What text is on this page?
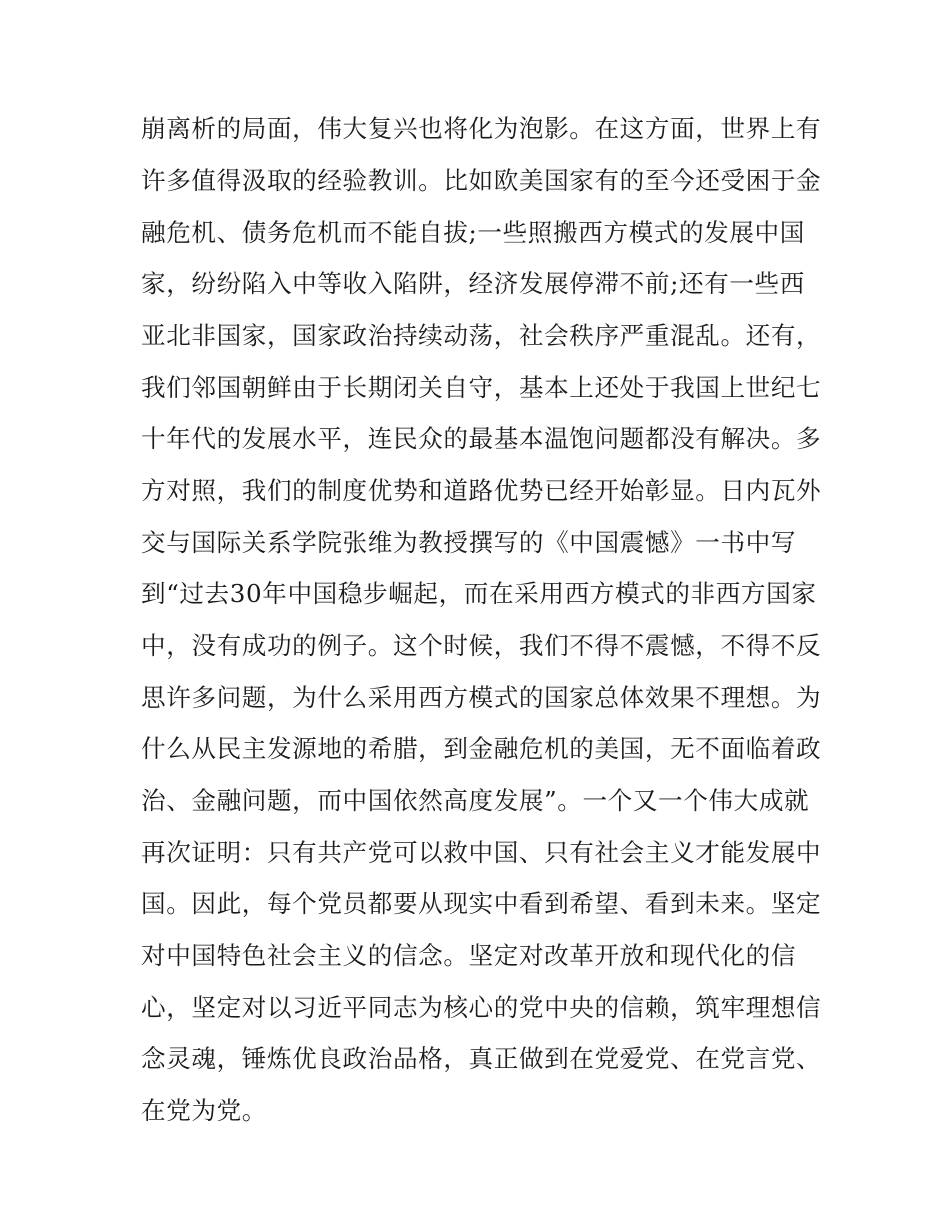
崩离析的局面，伟大复兴也将化为泡影。在这方面，世界上有
许多值得汲取的经验教训。比如欧美国家有的至今还受困于金
融危机、债务危机而不能自拔;一些照搬西方模式的发展中国
家，纷纷陷入中等收入陷阱，经济发展停滞不前;还有一些西
亚北非国家，国家政治持续动荡，社会秩序严重混乱。还有，
我们邻国朝鲜由于长期闭关自守，基本上还处于我国上世纪七
十年代的发展水平，连民众的最基本温饱问题都没有解决。多
方对照，我们的制度优势和道路优势已经开始彰显。日内瓦外
交与国际关系学院张维为教授撰写的《中国震憾》一书中写
到“过去30年中国稳步崛起，而在采用西方模式的非西方国家
中，没有成功的例子。这个时候，我们不得不震憾，不得不反
思许多问题，为什么采用西方模式的国家总体效果不理想。为
什么从民主发源地的希腊，到金融危机的美国，无不面临着政
治、金融问题，而中国依然高度发展”。一个又一个伟大成就
再次证明：只有共产党可以救中国、只有社会主义才能发展中
国。因此，每个党员都要从现实中看到希望、看到未来。坚定
对中国特色社会主义的信念。坚定对改革开放和现代化的信
心，坚定对以习近平同志为核心的党中央的信赖，筑牢理想信
念灵魂，锤炼优良政治品格，真正做到在党爱党、在党言党、
在党为党。
